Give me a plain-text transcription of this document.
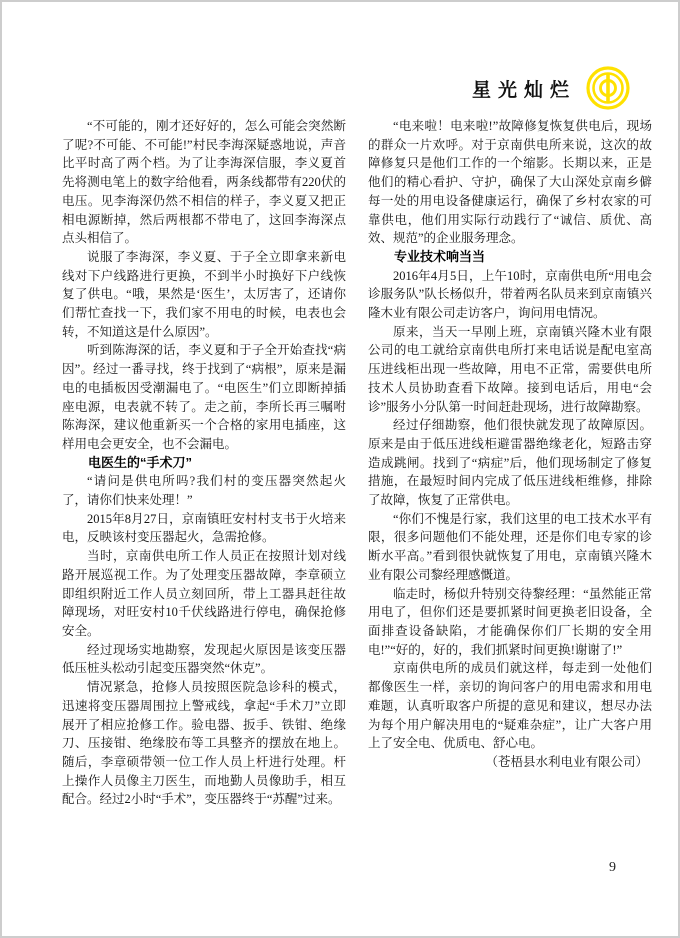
星光灿烂

“不可能的，刚才还好好的，怎么可能会突然断了呢?不可能、不可能!”村民李海深疑惑地说，声音比平时高了两个档。为了让李海深信服，李义夏首先将测电笔上的数字给他看，两条线都带有220伏的电压。见李海深仍然不相信的样子，李义夏又把正相电源断掉，然后两根都不带电了，这回李海深点点头相信了。

说服了李海深，李义夏、于子全立即拿来新电线对下户线路进行更换，不到半小时换好下户线恢复了供电。“哦，果然是‘医生’，太厉害了，还请你们帮忙查找一下，我们家不用电的时候，电表也会转，不知道这是什么原因”。

听到陈海深的话，李义夏和于子全开始查找“病因”。经过一番寻找，终于找到了“病根”，原来是漏电的电插板因受潮漏电了。“电医生”们立即断掉插座电源，电表就不转了。走之前，李所长再三嘱咐陈海深，建议他重新买一个合格的家用电插座，这样用电会更安全，也不会漏电。

电医生的“手术刀”

“请问是供电所吗?我们村的变压器突然起火了，请你们快来处理！”

2015年8月27日，京南镇旺安村村支书于火培来电，反映该村变压器起火，急需抢修。

当时，京南供电所工作人员正在按照计划对线路开展巡视工作。为了处理变压器故障，李章硕立即组织附近工作人员立刻回所，带上工器具赶往故障现场，对旺安村10千伏线路进行停电，确保抢修安全。

经过现场实地勘察，发现起火原因是该变压器低压桩头松动引起变压器突然“休克”。

情况紧急，抢修人员按照医院急诊科的模式，迅速将变压器周围拉上警戒线，拿起“手术刀”立即展开了相应抢修工作。验电器、扳手、铁钳、绝缘刀、压接钳、绝缘胶布等工具整齐的摆放在地上。随后，李章硕带领一位工作人员上杆进行处理。杆上操作人员像主刀医生，而地勤人员像助手，相互配合。经过2小时“手术”，变压器终于“苏醒”过来。

“电来啦！电来啦!”故障修复恢复供电后，现场的群众一片欢呼。对于京南供电所来说，这次的故障修复只是他们工作的一个缩影。长期以来，正是他们的精心看护、守护，确保了大山深处京南乡僻每一处的用电设备健康运行，确保了乡村农家的可靠供电，他们用实际行动践行了“诚信、质优、高效、规范”的企业服务理念。

专业技术响当当

2016年4月5日，上午10时，京南供电所“用电会诊服务队”队长杨似升，带着两名队员来到京南镇兴隆木业有限公司走访客户，询问用电情况。

原来，当天一早刚上班，京南镇兴隆木业有限公司的电工就给京南供电所打来电话说是配电室高压进线柜出现一些故障，用电不正常，需要供电所技术人员协助查看下故障。接到电话后，用电“会诊”服务小分队第一时间赶赴现场，进行故障勘察。

经过仔细勘察，他们很快就发现了故障原因。原来是由于低压进线柜避雷器绝缘老化，短路击穿造成跳闸。找到了“病症”后，他们现场制定了修复措施，在最短时间内完成了低压进线柜维修，排除了故障，恢复了正常供电。

“你们不愧是行家，我们这里的电工技术水平有限，很多问题他们不能处理，还是你们电专家的诊断水平高。”看到很快就恢复了用电，京南镇兴隆木业有限公司黎经理感慨道。

临走时，杨似升特别交待黎经理：“虽然能正常用电了，但你们还是要抓紧时间更换老旧设备，全面排查设备缺陷，才能确保你们厂长期的安全用电!”“好的，好的，我们抓紧时间更换!谢谢了!”

京南供电所的成员们就这样，每走到一处他们都像医生一样，亲切的询问客户的用电需求和用电难题，认真听取客户所提的意见和建议，想尽办法为每个用户解决用电的“疑难杂症”，让广大客户用上了安全电、优质电、舒心电。

（苍梧县水利电业有限公司）

9
